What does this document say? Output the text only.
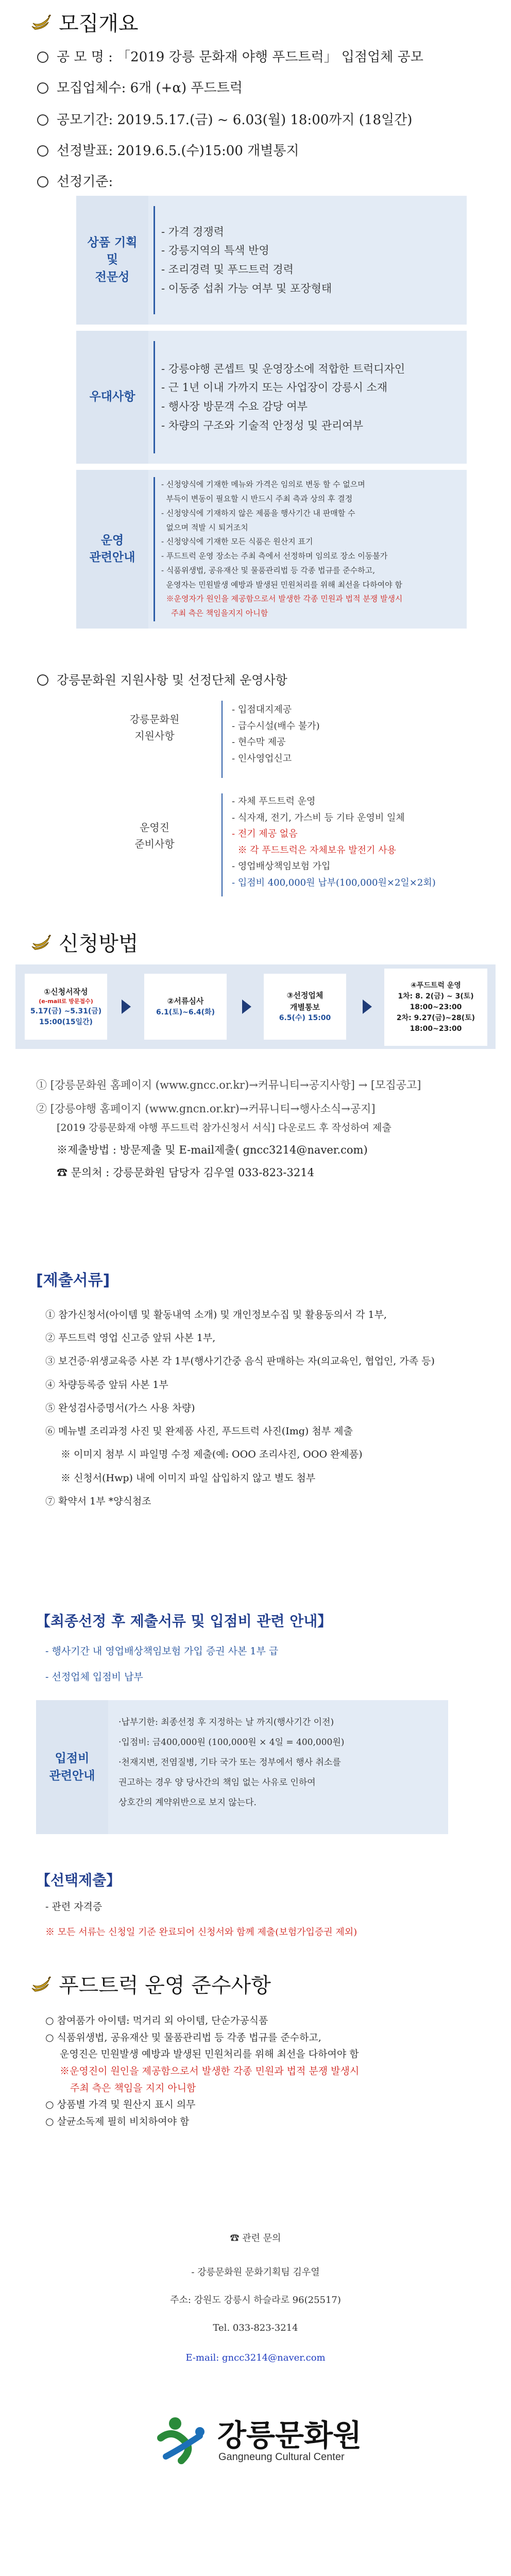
모집개요
공 모 명 : 「2019 강릉 문화재 야행 푸드트럭」 입점업체 공모
모집업체수: 6개 (+α) 푸드트럭
공모기간: 2019.5.17.(금) ~ 6.03(월) 18:00까지 (18일간)
선정발표: 2019.6.5.(수)15:00 개별통지
선정기준:
상품 기획
및
전문성
- 가격 경쟁력
- 강릉지역의 특색 반영
- 조리경력 및 푸드트럭 경력
- 이동중 섭취 가능 여부 및 포장형태
우대사항
- 강릉야행 콘셉트 및 운영장소에 적합한 트럭디자인
- 근 1년 이내 가까지 또는 사업장이 강릉시 소재
- 행사장 방문객 수요 감당 여부
- 차량의 구조와 기술적 안정성 및 관리여부
운영
관련안내
- 신청양식에 기재한 메뉴와 가격은 임의로 변동 할 수 없으며
부득이 변동이 필요할 시 반드시 주최 측과 상의 후 결정
- 신청양식에 기재하지 않은 제품을 행사기간 내 판매할 수
없으며 적발 시 퇴거조치
- 신청양식에 기재한 모든 식품은 원산지 표기
- 푸드트럭 운영 장소는 주최 측에서 선정하며 임의로 장소 이동불가
- 식품위생법, 공유재산 및 물품관리법 등 각종 법규를 준수하고,
운영자는 민원발생 예방과 발생된 민원처리를 위해 최선을 다하여야 함
※운영자가 원인을 제공함으로서 발생한 각종 민원과 법적 분쟁 발생시
주최 측은 책임을지지 아니함
강릉문화원 지원사항 및 선정단체 운영사항
강릉문화원
지원사항
- 입점대지제공
- 급수시설(배수 불가)
- 현수막 제공
- 인사영업신고
운영진
준비사항
- 자체 푸드트럭 운영
- 식자재, 전기, 가스비 등 기타 운영비 일체
- 전기 제공 없음
※ 각 푸드트럭은 자체보유 발전기 사용
- 영업배상책임보험 가입
- 입점비 400,000원 납부(100,000원×2일×2회)
신청방법
①신청서작성
(e-mail로 방문접수)
5.17(금) ~5.31(금)
15:00(15일간)
②서류심사
6.1(토)~6.4(화)
③선정업체
개별통보
6.5(수) 15:00
④푸드트럭 운영
1차: 8. 2(금) ~ 3(토)
18:00~23:00
2차: 9.27(금)~28(토)
18:00~23:00
① [강릉문화원 홈페이지 (www.gncc.or.kr)→커뮤니티→공지사항] → [모집공고]
② [강릉야행 홈페이지 (www.gncn.or.kr)→커뮤니티→행사소식→공지]
[2019 강릉문화재 야행 푸드트럭 참가신청서 서식] 다운로드 후 작성하여 제출
※제출방법 : 방문제출 및 E-mail제출( gncc3214@naver.com)
☎ 문의처 : 강릉문화원 담당자 김우열 033-823-3214
[제출서류]
① 참가신청서(아이템 및 활동내역 소개) 및 개인정보수집 및 활용동의서 각 1부,
② 푸드트럭 영업 신고증 앞뒤 사본 1부,
③ 보건증·위생교육증 사본 각 1부(행사기간중 음식 판매하는 자(의교육인, 협업인, 가족 등)
④ 차량등록증 앞뒤 사본 1부
⑤ 완성검사증명서(가스 사용 차량)
⑥ 메뉴별 조리과정 사진 및 완제품 사진, 푸드트럭 사진(Img) 첨부 제출
※ 이미지 첨부 시 파일명 수정 제출(예: OOO 조리사진, OOO 완제품)
※ 신청서(Hwp) 내에 이미지 파일 삽입하지 않고 별도 첨부
⑦ 확약서 1부 *양식첨조
【최종선정 후 제출서류 및 입점비 관련 안내】
- 행사기간 내 영업배상책임보험 가입 증권 사본 1부 급
- 선정업체 입점비 납부
입점비
관련안내
·납부기한: 최종선정 후 지정하는 날 까지(행사기간 이전)
·입점비: 금400,000원 (100,000원 × 4일 = 400,000원)
·천재지변, 전염질병, 기타 국가 또는 정부에서 행사 취소를
권고하는 경우 양 당사간의 책임 없는 사유로 인하여
상호간의 계약위반으로 보지 않는다.
【선택제출】
- 관련 자격증
※ 모든 서류는 신청일 기준 완료되어 신청서와 함께 제출(보험가입증권 제외)
푸드트럭 운영 준수사항
○ 참여품가 아이템: 먹거리 외 아이템, 단순가공식품
○ 식품위생법, 공유재산 및 물품관리법 등 각종 법규를 준수하고,
운영진은 민원발생 예방과 발생된 민원처리를 위해 최선을 다하여야 함
※운영진이 원인을 제공함으로서 발생한 각종 민원과 법적 분쟁 발생시
주최 측은 책임을 지지 아니함
○ 상품별 가격 및 원산지 표시 의무
○ 살균소독제 필히 비치하여야 함
☎ 관련 문의
- 강릉문화원 문화기획팀 김우열
주소: 강원도 강릉시 하슬라로 96(25517)
Tel. 033-823-3214
E-mail: gncc3214@naver.com
강릉문화원
Gangneung Cultural Center
